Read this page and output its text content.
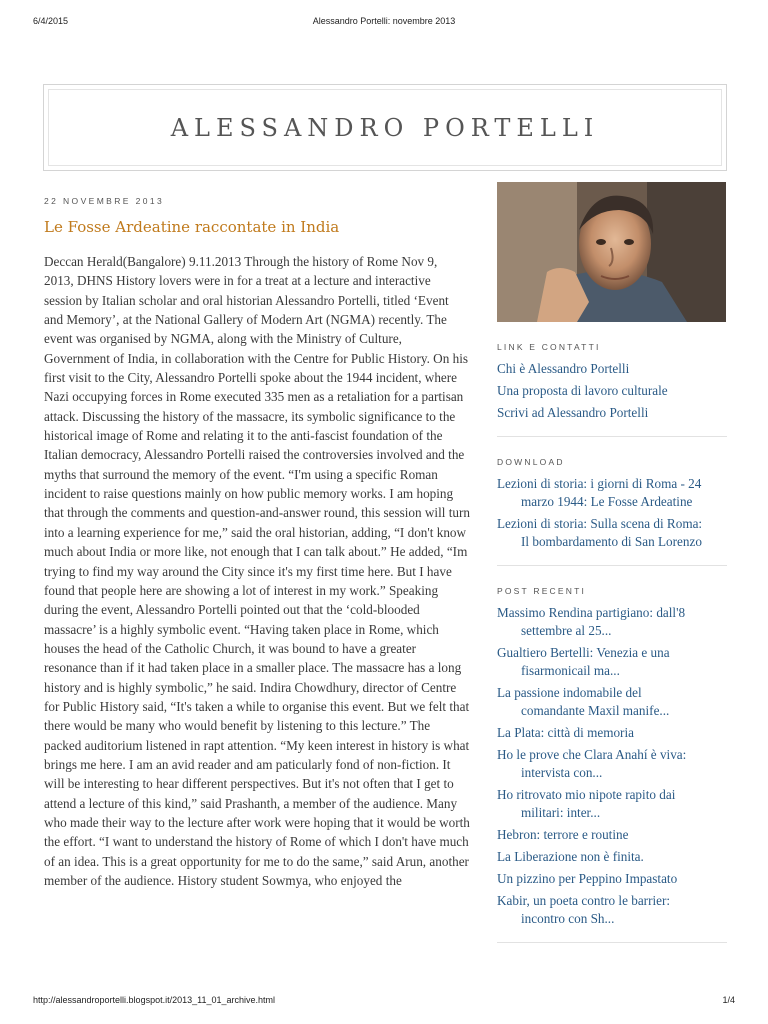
6/4/2015	Alessandro Portelli: novembre 2013
ALESSANDRO PORTELLI
22 NOVEMBRE 2013
Le Fosse Ardeatine raccontate in India
Deccan Herald(Bangalore) 9.11.2013 Through the history of Rome Nov 9, 2013, DHNS History lovers were in for a treat at a lecture and interactive session by Italian scholar and oral historian Alessandro Portelli, titled ‘Event and Memory’, at the National Gallery of Modern Art (NGMA) recently. The event was organised by NGMA, along with the Ministry of Culture, Government of India, in collaboration with the Centre for Public History. On his first visit to the City, Alessandro Portelli spoke about the 1944 incident, where Nazi occupying forces in Rome executed 335 men as a retaliation for a partisan attack. Discussing the history of the massacre, its symbolic significance to the historical image of Rome and relating it to the anti-fascist foundation of the Italian democracy, Alessandro Portelli raised the controversies involved and the myths that surround the memory of the event. “I'm using a specific Roman incident to raise questions mainly on how public memory works. I am hoping that through the comments and question-and-answer round, this session will turn into a learning experience for me,” said the oral historian, adding, “I don't know much about India or more like, not enough that I can talk about.” He added, “Im trying to find my way around the City since it's my first time here. But I have found that people here are showing a lot of interest in my work.” Speaking during the event, Alessandro Portelli pointed out that the ‘cold-blooded massacre’ is a highly symbolic event. “Having taken place in Rome, which houses the head of the Catholic Church, it was bound to have a greater resonance than if it had taken place in a smaller place. The massacre has a long history and is highly symbolic,” he said. Indira Chowdhury, director of Centre for Public History said, “It's taken a while to organise this event. But we felt that there would be many who would benefit by listening to this lecture.” The packed auditorium listened in rapt attention. “My keen interest in history is what brings me here. I am an avid reader and am paticularly fond of non-fiction. It will be interesting to hear different perspectives. But it's not often that I get to attend a lecture of this kind,” said Prashanth, a member of the audience. Many who made their way to the lecture after work were hoping that it would be worth the effort. “I want to understand the history of Rome of which I don't have much of an idea. This is a great opportunity for me to do the same,” said Arun, another member of the audience. History student Sowmya, who enjoyed the
LINK E CONTATTI
Chi è Alessandro Portelli
Una proposta di lavoro culturale
Scrivi ad Alessandro Portelli
DOWNLOAD
Lezioni di storia: i giorni di Roma - 24
marzo 1944: Le Fosse Ardeatine
Lezioni di storia: Sulla scena di Roma:
Il bombardamento di San Lorenzo
POST RECENTI
Massimo Rendina partigiano: dall'8
settembre al 25...
Gualtiero Bertelli: Venezia e una
fisarmonicail ma...
La passione indomabile del
comandante Maxil manife...
La Plata: città di memoria
Ho le prove che Clara Anahí è viva:
intervista con...
Ho ritrovato mio nipote rapito dai
militari: inter...
Hebron: terrore e routine
La Liberazione non è finita.
Un pizzino per Peppino Impastato
Kabir, un poeta contro le barrier:
incontro con Sh...
http://alessandroportelli.blogspot.it/2013_11_01_archive.html	1/4
